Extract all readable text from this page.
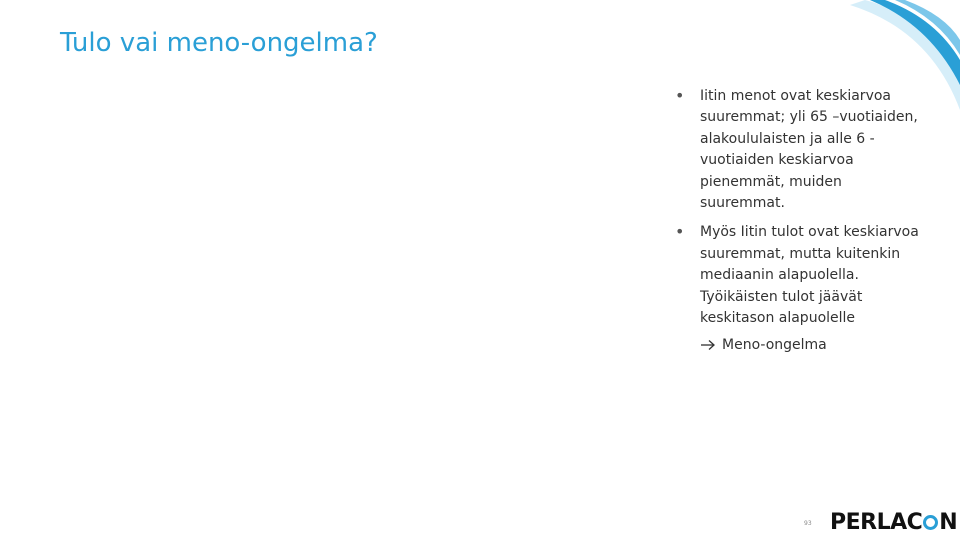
Tulo vai meno-ongelma?
• Iitin menot ovat keskiarvoa suuremmat; yli 65 –vuotiaiden, alakoululaisten ja alle 6 -vuotiaiden keskiarvoa pienemmät, muiden suuremmat.
• Myös Iitin tulot ovat keskiarvoa suuremmat, mutta kuitenkin mediaanin alapuolella. Työikäisten tulot jäävät keskitason alapuolelle
Meno-ongelma
93 PERLAC N
